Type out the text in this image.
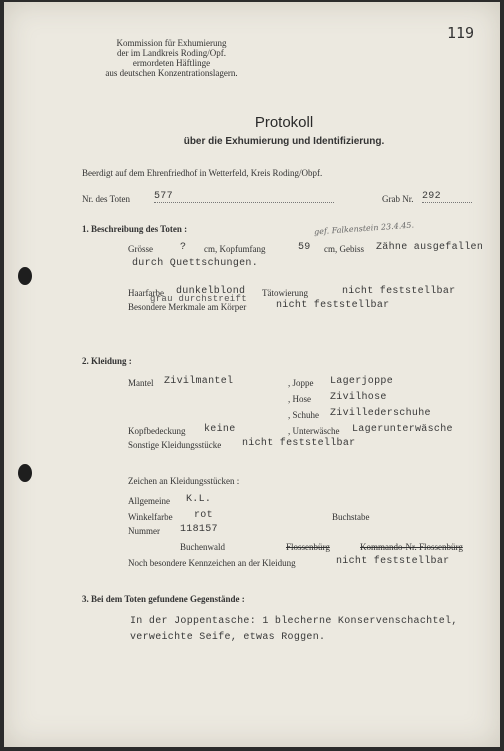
119
Kommission für Exhumierung
der im Landkreis Roding/Opf.
ermordeten Häftlinge
aus deutschen Konzentrationslagern.
Protokoll
über die Exhumierung und Identifizierung.
Beerdigt auf dem Ehrenfriedhof in Wetterfeld, Kreis Roding/Obpf.
Nr. des Toten 577	Grab Nr. 292
1. Beschreibung des Toten :	gef. Falkenstein 23.4.45.
Grösse	? cm, Kopfumfang	59 cm, Gebiss Zähne ausgefallen
durch Quettschungen.
Haarfarbe dunkelblond Tätowierung	nicht feststellbar
grau durchstreift
Besondere Merkmale am Körper	nicht feststellbar
2. Kleidung :
Mantel Zivilmantel	, Joppe Lagerjoppe
, Hose Zivilhose
, Schuhe Zivillederschuhe
Kopfbedeckung keine	, Unterwäsche Lagerunterwäsche
Sonstige Kleidungsstücke nicht feststellbar
Zeichen an Kleidungsstücken :
Allgemeine K.L.
Winkelfarbe rot	Buchstabe
Nummer 118157
Buchenwald	Flossenbürg	Kommando-Nr. Flossenbürg
Noch besondere Kennzeichen an der Kleidung	nicht feststellbar
3. Bei dem Toten gefundene Gegenstände :
In der Joppentasche: 1 blecherne Konservenschachtel,
verweichte Seife, etwas Roggen.
